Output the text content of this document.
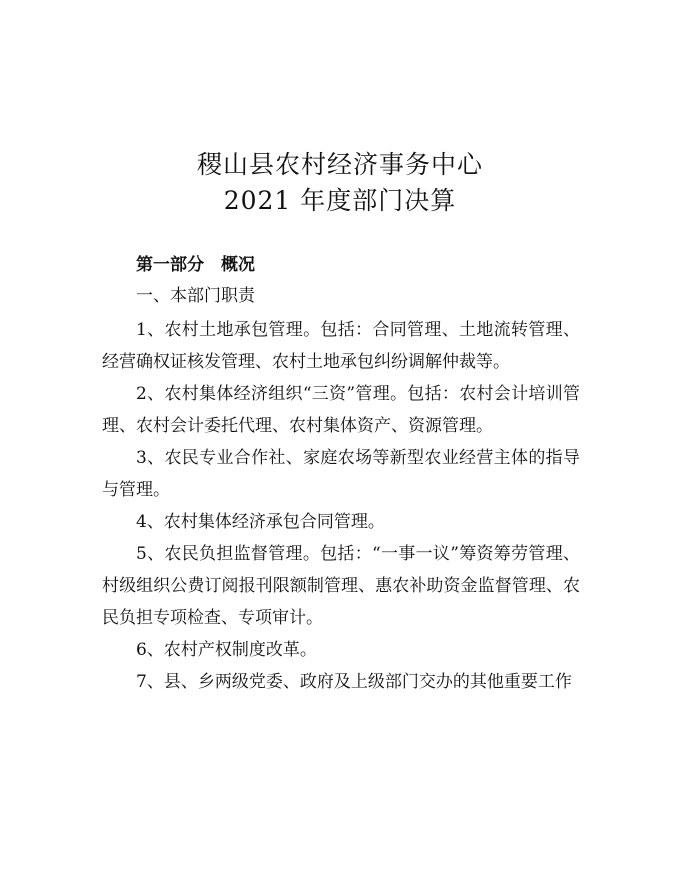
稷山县农村经济事务中心
2021 年度部门决算
第一部分　概况
一、本部门职责

1、农村土地承包管理。包括：合同管理、土地流转管理、经营确权证核发管理、农村土地承包纠纷调解仲裁等。

2、农村集体经济组织“三资”管理。包括：农村会计培训管理、农村会计委托代理、农村集体资产、资源管理。

3、农民专业合作社、家庭农场等新型农业经营主体的指导与管理。

4、农村集体经济承包合同管理。

5、农民负担监督管理。包括：“一事一议”筹资筹劳管理、村级组织公费订阅报刊限额制管理、惠农补助资金监督管理、农民负担专项检查、专项审计。

6、农村产权制度改革。

7、县、乡两级党委、政府及上级部门交办的其他重要工作
